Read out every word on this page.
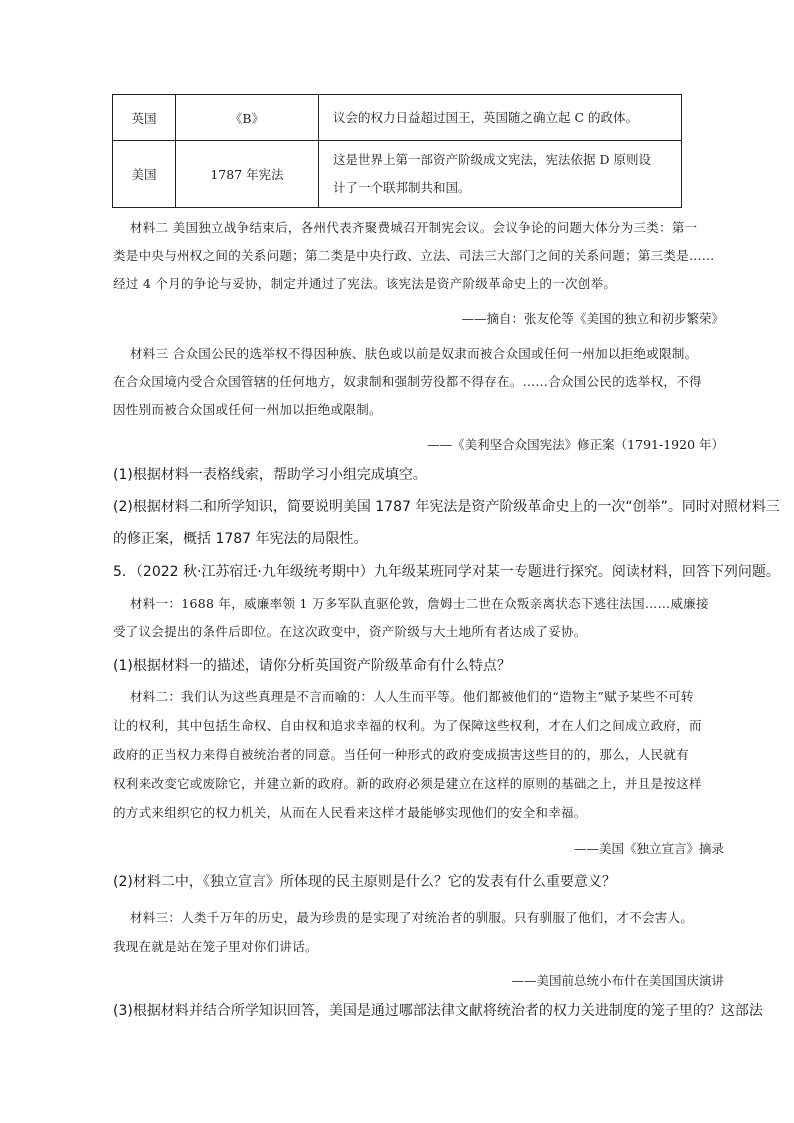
英国	《B》	议会的权力日益超过国王，英国随之确立起 C 的政体。
美国	1787 年宪法	这是世界上第一部资产阶级成文宪法，宪法依据 D 原则设
计了一个联邦制共和国。
材料二 美国独立战争结束后，各州代表齐聚费城召开制宪会议。会议争论的问题大体分为三类：第一
类是中央与州权之间的关系问题；第二类是中央行政、立法、司法三大部门之间的关系问题；第三类是……
经过 4 个月的争论与妥协，制定并通过了宪法。该宪法是资产阶级革命史上的一次创举。
——摘自：张友伦等《美国的独立和初步繁荣》
材料三 合众国公民的选举权不得因种族、肤色或以前是奴隶而被合众国或任何一州加以拒绝或限制。
在合众国境内受合众国管辖的任何地方，奴隶制和强制劳役都不得存在。……合众国公民的选举权，不得
因性别而被合众国或任何一州加以拒绝或限制。
——《美利坚合众国宪法》修正案（1791-1920 年）
(1)根据材料一表格线索，帮助学习小组完成填空。
(2)根据材料二和所学知识，简要说明美国 1787 年宪法是资产阶级革命史上的一次“创举”。同时对照材料三
的修正案，概括 1787 年宪法的局限性。
5．（2022 秋·江苏宿迁·九年级统考期中）九年级某班同学对某一专题进行探究。阅读材料，回答下列问题。
材料一：1688 年，威廉率领 1 万多军队直驱伦敦，詹姆士二世在众叛亲离状态下逃往法国……威廉接
受了议会提出的条件后即位。在这次政变中，资产阶级与大土地所有者达成了妥协。
(1)根据材料一的描述，请你分析英国资产阶级革命有什么特点？
材料二：我们认为这些真理是不言而喻的：人人生而平等。他们都被他们的“造物主”赋予某些不可转
让的权利，其中包括生命权、自由权和追求幸福的权利。为了保障这些权利，才在人们之间成立政府，而
政府的正当权力来得自被统治者的同意。当任何一种形式的政府变成损害这些目的的，那么，人民就有
权利来改变它或废除它，并建立新的政府。新的政府必须是建立在这样的原则的基础之上，并且是按这样
的方式来组织它的权力机关，从而在人民看来这样才最能够实现他们的安全和幸福。
——美国《独立宣言》摘录
(2)材料二中，《独立宣言》所体现的民主原则是什么？它的发表有什么重要意义？
材料三：人类千万年的历史，最为珍贵的是实现了对统治者的驯服。只有驯服了他们，才不会害人。
我现在就是站在笼子里对你们讲话。
——美国前总统小布什在美国国庆演讲
(3)根据材料并结合所学知识回答，美国是通过哪部法律文献将统治者的权力关进制度的笼子里的？这部法
